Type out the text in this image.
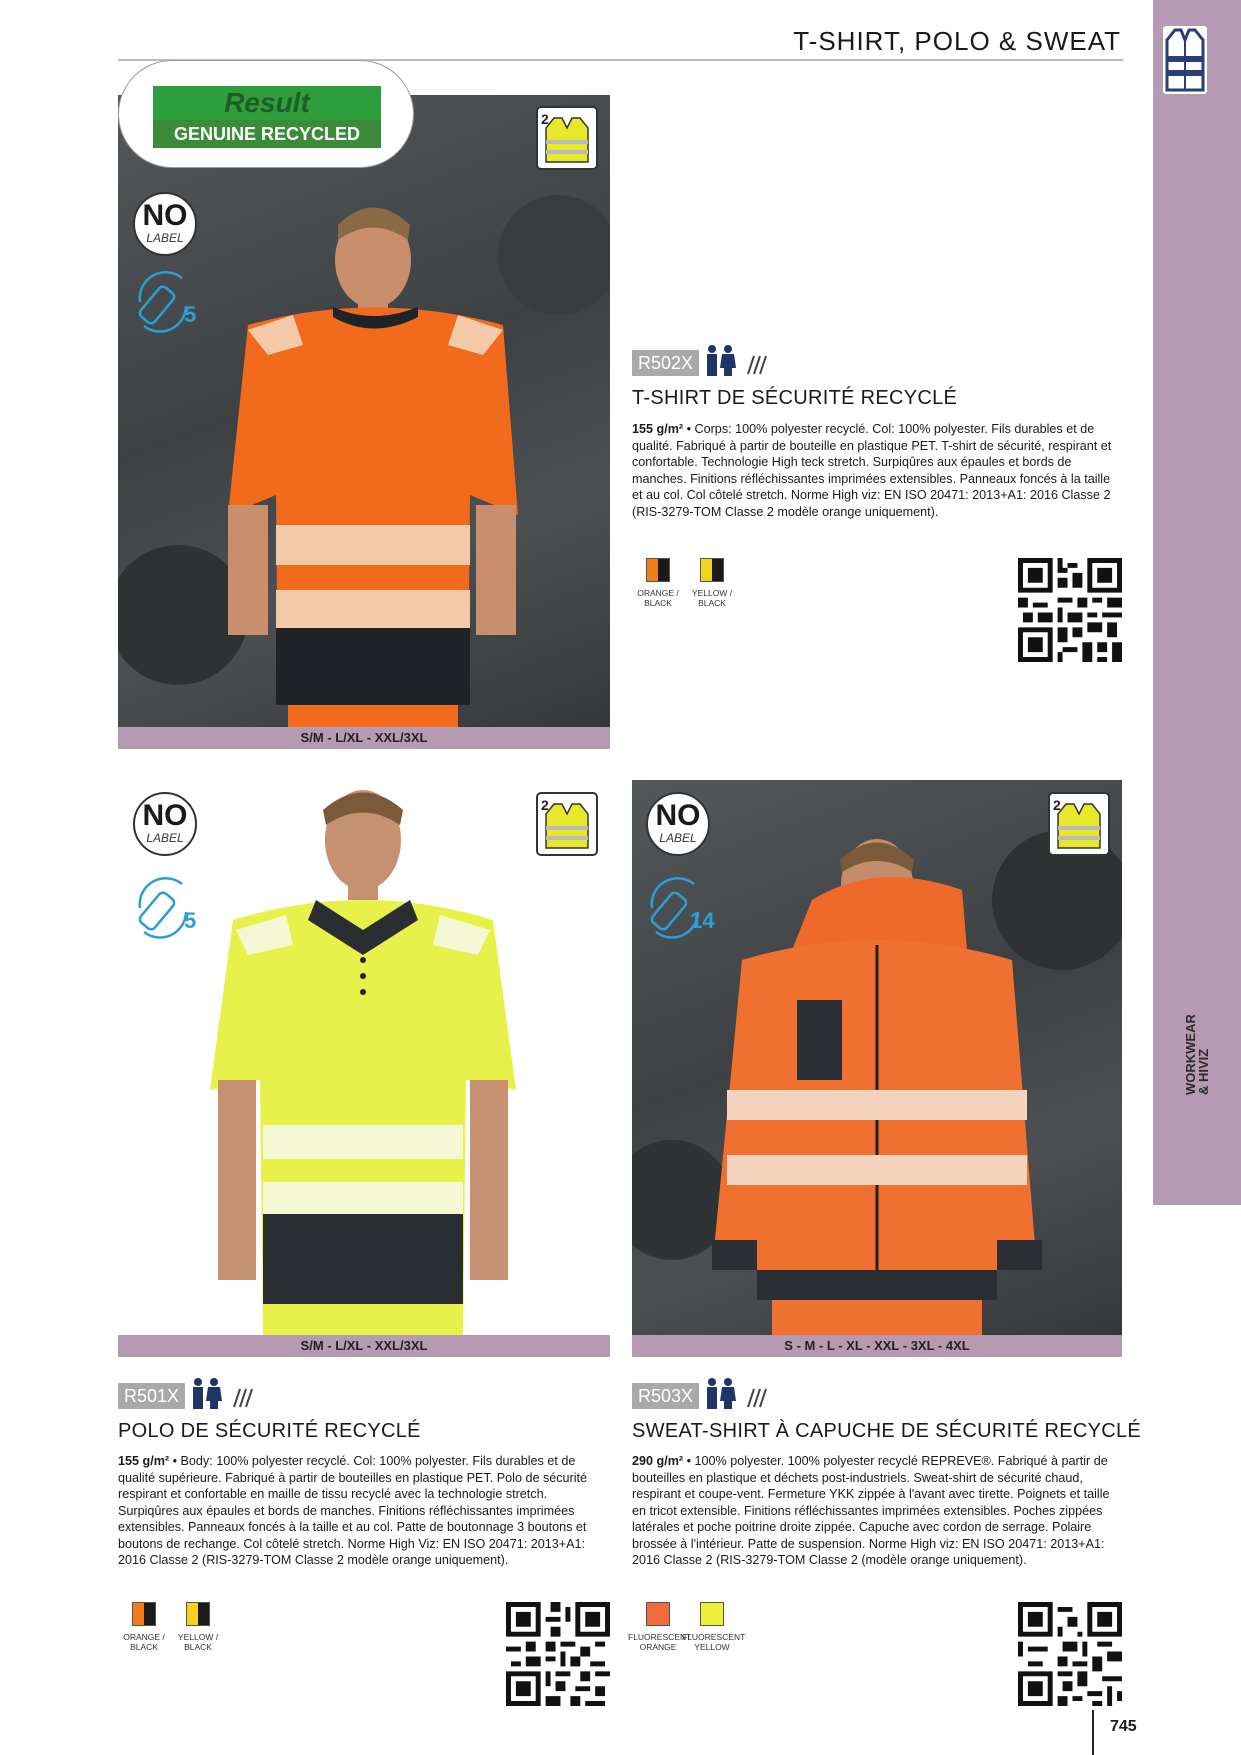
T-SHIRT, POLO & SWEAT
WORKWEAR
& HIVIZ
S/M - L/XL - XXL/3XL
Result
GENUINE RECYCLED
NO
LABEL
5
2
R502X
T-SHIRT DE SÉCURITÉ RECYCLÉ
155 g/m² • Corps: 100% polyester recyclé. Col: 100% polyester. Fils durables et de qualité. Fabriqué à partir de bouteille en plastique PET. T-shirt de sécurité, respirant et confortable. Technologie High teck stretch. Surpiqûres aux épaules et bords de manches. Finitions réfléchissantes imprimées extensibles. Panneaux foncés à la taille et au col. Col côtelé stretch. Norme High viz: EN ISO 20471: 2013+A1: 2016 Classe 2 (RIS-3279-TOM Classe 2 modèle orange uniquement).
ORANGE / BLACK
YELLOW / BLACK
S/M - L/XL - XXL/3XL
NO
LABEL
5
2
S - M - L - XL - XXL - 3XL - 4XL
NO
LABEL
14
2
R501X
POLO DE SÉCURITÉ RECYCLÉ
155 g/m² • Body: 100% polyester recyclé. Col: 100% polyester. Fils durables et de qualité supérieure. Fabriqué à partir de bouteilles en plastique PET. Polo de sécurité respirant et confortable en maille de tissu recyclé avec la technologie stretch. Surpiqûres aux épaules et bords de manches. Finitions réfléchissantes imprimées extensibles. Panneaux foncés à la taille et au col. Patte de boutonnage 3 boutons et boutons de rechange. Col côtelé stretch. Norme High Viz: EN ISO 20471: 2013+A1: 2016 Classe 2 (RIS-3279-TOM Classe 2 modèle orange uniquement).
ORANGE / BLACK
YELLOW / BLACK
R503X
SWEAT-SHIRT À CAPUCHE DE SÉCURITÉ RECYCLÉ
290 g/m² • 100% polyester. 100% polyester recyclé REPREVE®. Fabriqué à partir de bouteilles en plastique et déchets post-industriels. Sweat-shirt de sécurité chaud, respirant et coupe-vent. Fermeture YKK zippée à l'avant avec tirette. Poignets et taille en tricot extensible. Finitions réfléchissantes imprimées extensibles. Poches zippées latérales et poche poitrine droite zippée. Capuche avec cordon de serrage. Polaire brossée à l'intérieur. Patte de suspension. Norme High viz: EN ISO 20471: 2013+A1: 2016 Classe 2 (RIS-3279-TOM Classe 2 (modèle orange uniquement).
FLUORESCENT ORANGE
FLUORESCENT YELLOW
745
